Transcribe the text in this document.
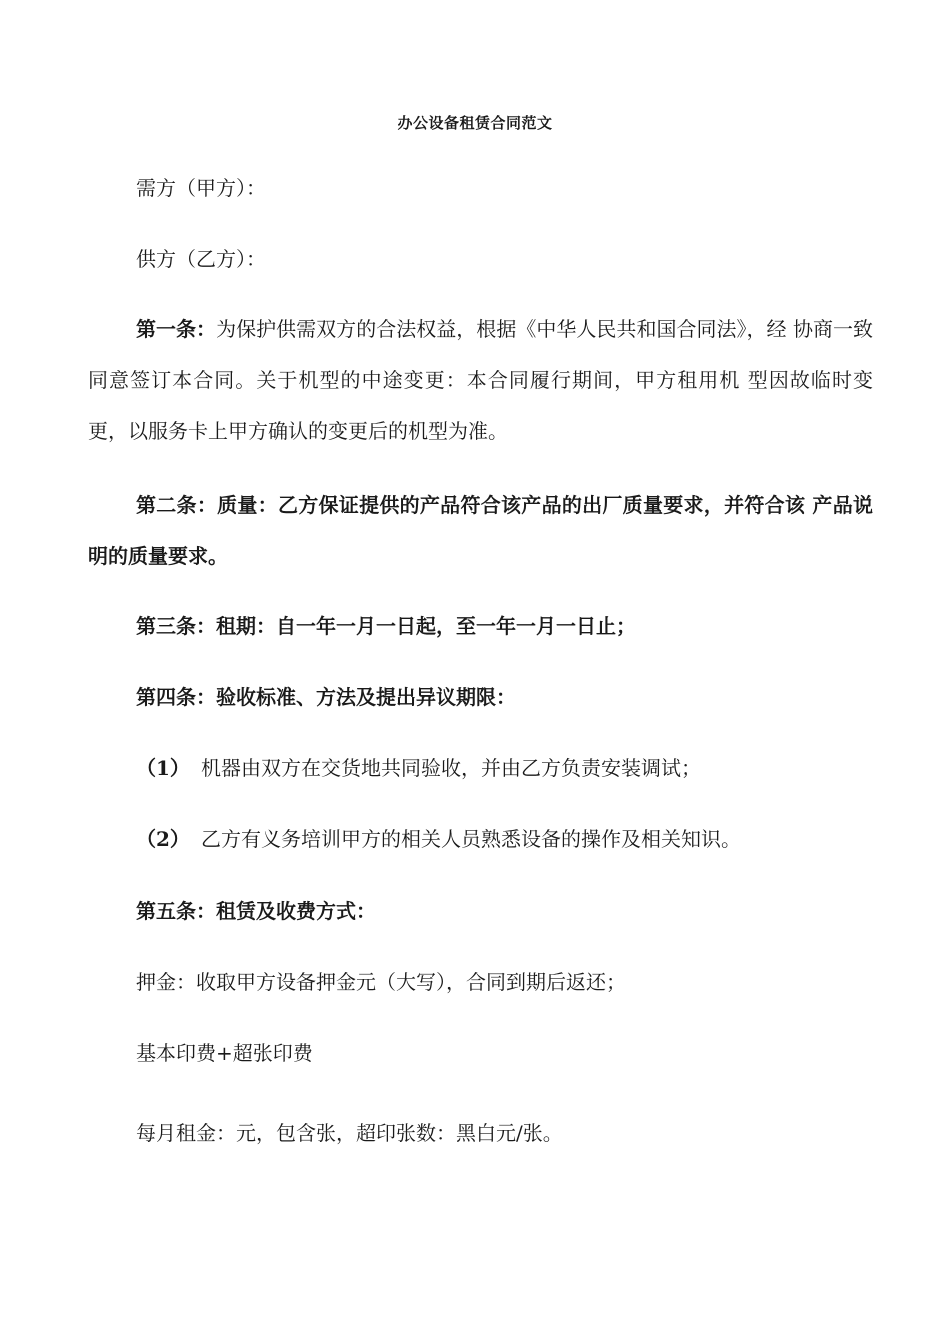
办公设备租赁合同范文
需方（甲方）：
供方（乙方）：
第一条：为保护供需双方的合法权益，根据《中华人民共和国合同法》，经 协商一致同意签订本合同。关于机型的中途变更：本合同履行期间，甲方租用机 型因故临时变更，以服务卡上甲方确认的变更后的机型为准。
第二条：质量：乙方保证提供的产品符合该产品的出厂质量要求，并符合该 产品说明的质量要求。
第三条：租期：自一年一月一日起，至一年一月一日止；
第四条：验收标准、方法及提出异议期限：
（1） 机器由双方在交货地共同验收，并由乙方负责安装调试；
（2） 乙方有义务培训甲方的相关人员熟悉设备的操作及相关知识。
第五条：租赁及收费方式：
押金：收取甲方设备押金元（大写），合同到期后返还；
基本印费+超张印费
每月租金：元，包含张，超印张数：黑白元/张。
